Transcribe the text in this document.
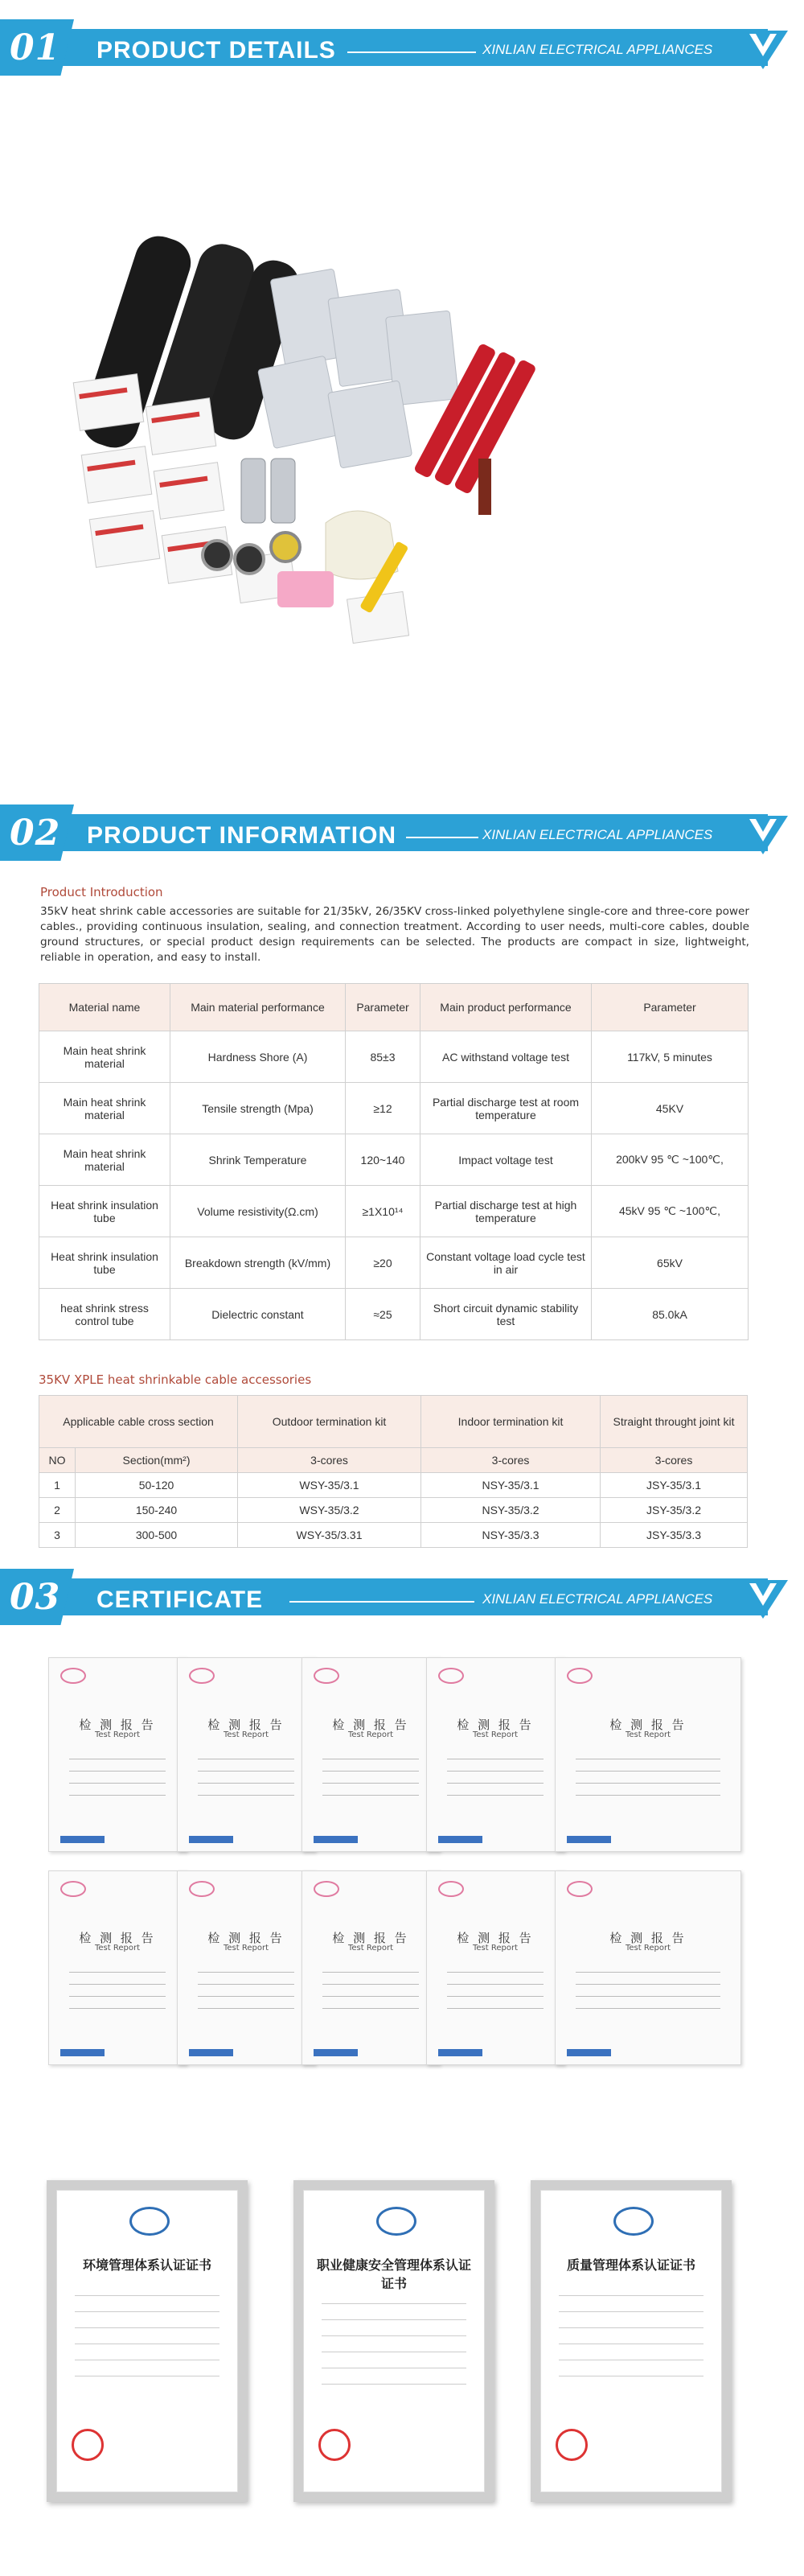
01 PRODUCT DETAILS	XINLIAN ELECTRICAL APPLIANCES
02 PRODUCT INFORMATION	XINLIAN ELECTRICAL APPLIANCES
Product Introduction
35kV heat shrink cable accessories are suitable for 21/35kV, 26/35KV cross-linked polyethylene single-core and three-core power cables., providing continuous insulation, sealing, and connection treatment. According to user needs, multi-core cables, double ground structures, or special product design requirements can be selected. The products are compact in size, lightweight, reliable in operation, and easy to install.
Material name	Main material performance	Parameter	Main product performance	Parameter
Main heat shrink material	Hardness Shore (A)	85±3	AC withstand voltage test	117kV, 5 minutes
Main heat shrink material	Tensile strength (Mpa)	≥12	Partial discharge test at room temperature	45KV
Main heat shrink material	Shrink Temperature	120~140	Impact voltage test	200kV 95 ℃ ~100℃,
Heat shrink insulation tube	Volume resistivity(Ω.cm)	≥1X10¹⁴	Partial discharge test at high temperature	45kV 95 ℃ ~100℃,
Heat shrink insulation tube	Breakdown strength (kV/mm)	≥20	Constant voltage load cycle test in air	65kV
heat shrink stress control tube	Dielectric constant	≈25	Short circuit dynamic stability test	85.0kA
35KV XPLE heat shrinkable cable accessories
Applicable cable cross section		Outdoor termination kit	Indoor termination kit	Straight throught joint kit
NO	Section(mm²)	3-cores	3-cores	3-cores
1	50-120	WSY-35/3.1	NSY-35/3.1	JSY-35/3.1
2	150-240	WSY-35/3.2	NSY-35/3.2	JSY-35/3.2
3	300-500	WSY-35/3.31	NSY-35/3.3	JSY-35/3.3
03 CERTIFICATE	XINLIAN ELECTRICAL APPLIANCES
检 测 报 告
Test Report
检 测 报 告
Test Report
检 测 报 告
Test Report
检 测 报 告
Test Report
检 测 报 告
Test Report
检 测 报 告
Test Report
检 测 报 告
Test Report
检 测 报 告
Test Report
检 测 报 告
Test Report
检 测 报 告
Test Report
环境管理体系认证证书	职业健康安全管理体系认证证书
质量管理体系认证证书
